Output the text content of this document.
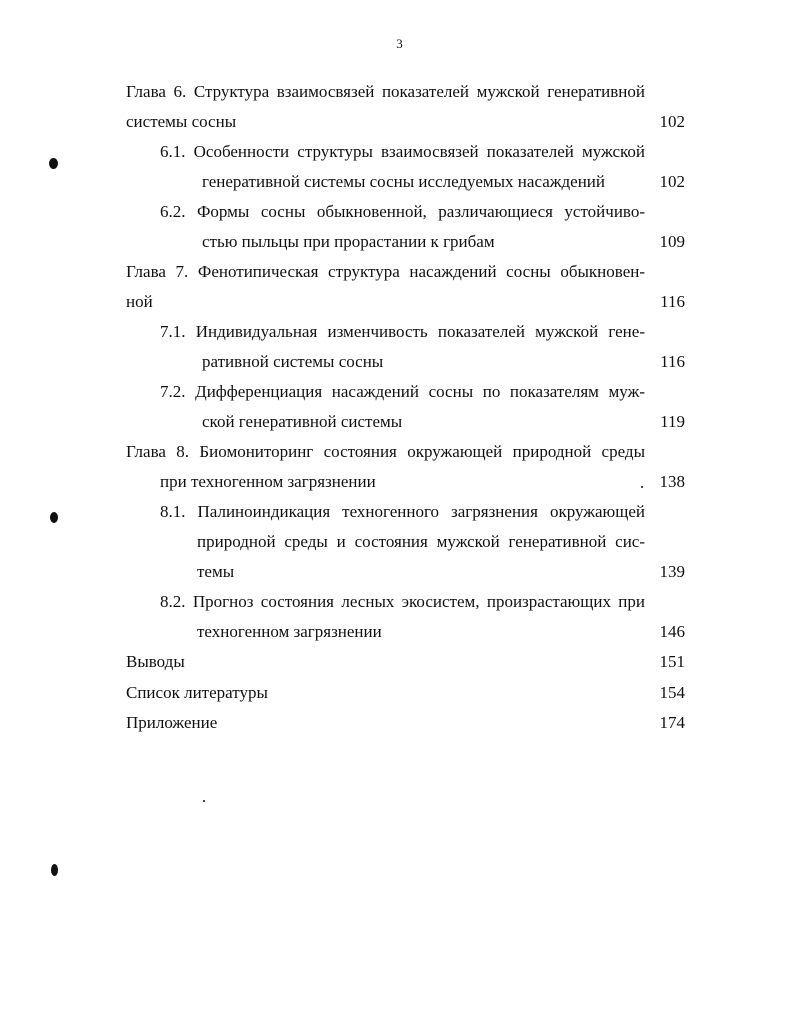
3
Глава 6. Структура взаимосвязей показателей мужской генеративной
системы сосны	102
6.1. Особенности структуры взаимосвязей показателей мужской
генеративной системы сосны исследуемых насаждений	102
6.2. Формы сосны обыкновенной, различающиеся устойчиво-
стью пыльцы при прорастании к грибам	109
Глава 7. Фенотипическая структура насаждений сосны обыкновен-
ной	116
7.1. Индивидуальная изменчивость показателей мужской гене-
ративной системы сосны	116
7.2. Дифференциация насаждений сосны по показателям муж-
ской генеративной системы	119
Глава 8. Биомониторинг состояния окружающей природной среды
при техногенном загрязнении	138
8.1. Палиноиндикация техногенного загрязнения окружающей
природной среды и состояния мужской генеративной сис-
темы	139
8.2. Прогноз состояния лесных экосистем, произрастающих при
техногенном загрязнении	146
Выводы	151
Список литературы	154
Приложение	174
